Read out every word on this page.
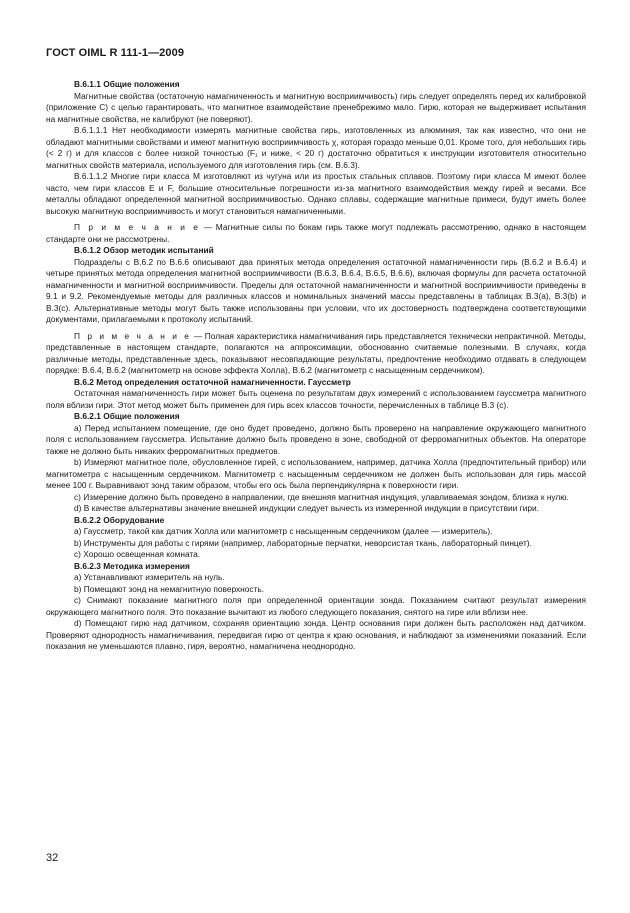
ГОСТ OIML R 111-1—2009

B.6.1.1 Общие положения

Магнитные свойства (остаточную намагниченность и магнитную восприимчивость) гирь следует определять перед их калибровкой (приложение С) с целью гарантировать, что магнитное взаимодействие пренебрежимо мало. Гирю, которая не выдерживает испытания на магнитные свойства, не калибруют (не поверяют).

B.6.1.1.1 Нет необходимости измерять магнитные свойства гирь, изготовленных из алюминия, так как известно, что они не обладают магнитными свойствами и имеют магнитную восприимчивость χ, которая гораздо меньше 0,01. Кроме того, для небольших гирь (< 2 г) и для классов с более низкой точностью (F₁ и ниже, < 20 г) достаточно обратиться к инструкции изготовителя относительно магнитных свойств материала, используемого для изготовления гирь (см. B.6.3).

B.6.1.1.2 Многие гири класса М изготовляют из чугуна или из простых стальных сплавов. Поэтому гири класса М имеют более часто, чем гири классов Е и F, большие относительные погрешности из-за магнитного взаимодействия между гирей и весами. Все металлы обладают определенной магнитной восприимчивостью. Однако сплавы, содержащие магнитные примеси, будут иметь более высокую магнитную восприимчивость и могут становиться намагниченными.

П р и м е ч а н и е — Магнитные силы по бокам гирь также могут подлежать рассмотрению, однако в настоящем стандарте они не рассмотрены.

B.6.1.2 Обзор методик испытаний

Подразделы с B.6.2 по B.6.6 описывают два принятых метода определения остаточной намагниченности гирь (B.6.2 и B.6.4) и четыре принятых метода определения магнитной восприимчивости (B.6.3, B.6.4, B.6.5, B.6.6), включая формулы для расчета остаточной намагниченности и магнитной восприимчивости. Пределы для остаточной намагниченности и магнитной восприимчивости приведены в 9.1 и 9.2. Рекомендуемые методы для различных классов и номинальных значений массы представлены в таблицах B.3(a), B.3(b) и B.3(c). Альтернативные методы могут быть также использованы при условии, что их достоверность подтверждена соответствующими документами, прилагаемыми к протоколу испытаний.

П р и м е ч а н и е — Полная характеристика намагничивания гирь представляется технически непрактичной. Методы, представленные в настоящем стандарте, полагаются на аппроксимации, обоснованно считаемые полезными. В случаях, когда различные методы, представленные здесь, показывают несовпадающие результаты, предпочтение необходимо отдавать в следующем порядке: B.6.4, B.6.2 (магнитометр на основе эффекта Холла), B.6.2 (магнитометр с насыщенным сердечником).

B.6.2 Метод определения остаточной намагниченности. Гауссметр

Остаточная намагниченность гири может быть оценена по результатам двух измерений с использованием гауссметра магнитного поля вблизи гири. Этот метод может быть применен для гирь всех классов точности, перечисленных в таблице B.3 (c).

B.6.2.1 Общие положения

а) Перед испытанием помещение, где оно будет проведено, должно быть проверено на направление окружающего магнитного поля с использованием гауссметра. Испытание должно быть проведено в зоне, свободной от ферромагнитных объектов. На операторе также не должно быть никаких ферромагнитных предметов.

b) Измеряют магнитное поле, обусловленное гирей, с использованием, например, датчика Холла (предпочтительный прибор) или магнитометра с насыщенным сердечником. Магнитометр с насыщенным сердечником не должен быть использован для гирь массой менее 100 г. Выравнивают зонд таким образом, чтобы его ось была перпендикулярна к поверхности гири.

с) Измерение должно быть проведено в направлении, где внешняя магнитная индукция, улавливаемая зондом, близка к нулю.

d) В качестве альтернативы значение внешней индукции следует вычесть из измеренной индукции в присутствии гири.

B.6.2.2 Оборудование

а) Гауссметр, такой как датчик Холла или магнитометр с насыщенным сердечником (далее — измеритель).

b) Инструменты для работы с гирями (например, лабораторные перчатки, неворсистая ткань, лабораторный пинцет).

с) Хорошо освещенная комната.

B.6.2.3 Методика измерения

а) Устанавливают измеритель на нуль.

b) Помещают зонд на немагнитную поверхность.

с) Снимают показание магнитного поля при определенной ориентации зонда. Показанием считают результат измерения окружающего магнитного поля. Это показание вычитают из любого следующего показания, снятого на гире или вблизи нее.

d) Помещают гирю над датчиком, сохраняя ориентацию зонда. Центр основания гири должен быть расположен над датчиком. Проверяют однородность намагничивания, передвигая гирю от центра к краю основания, и наблюдают за изменениями показаний. Если показания не уменьшаются плавно, гиря, вероятно, намагничена неоднородно.

32
